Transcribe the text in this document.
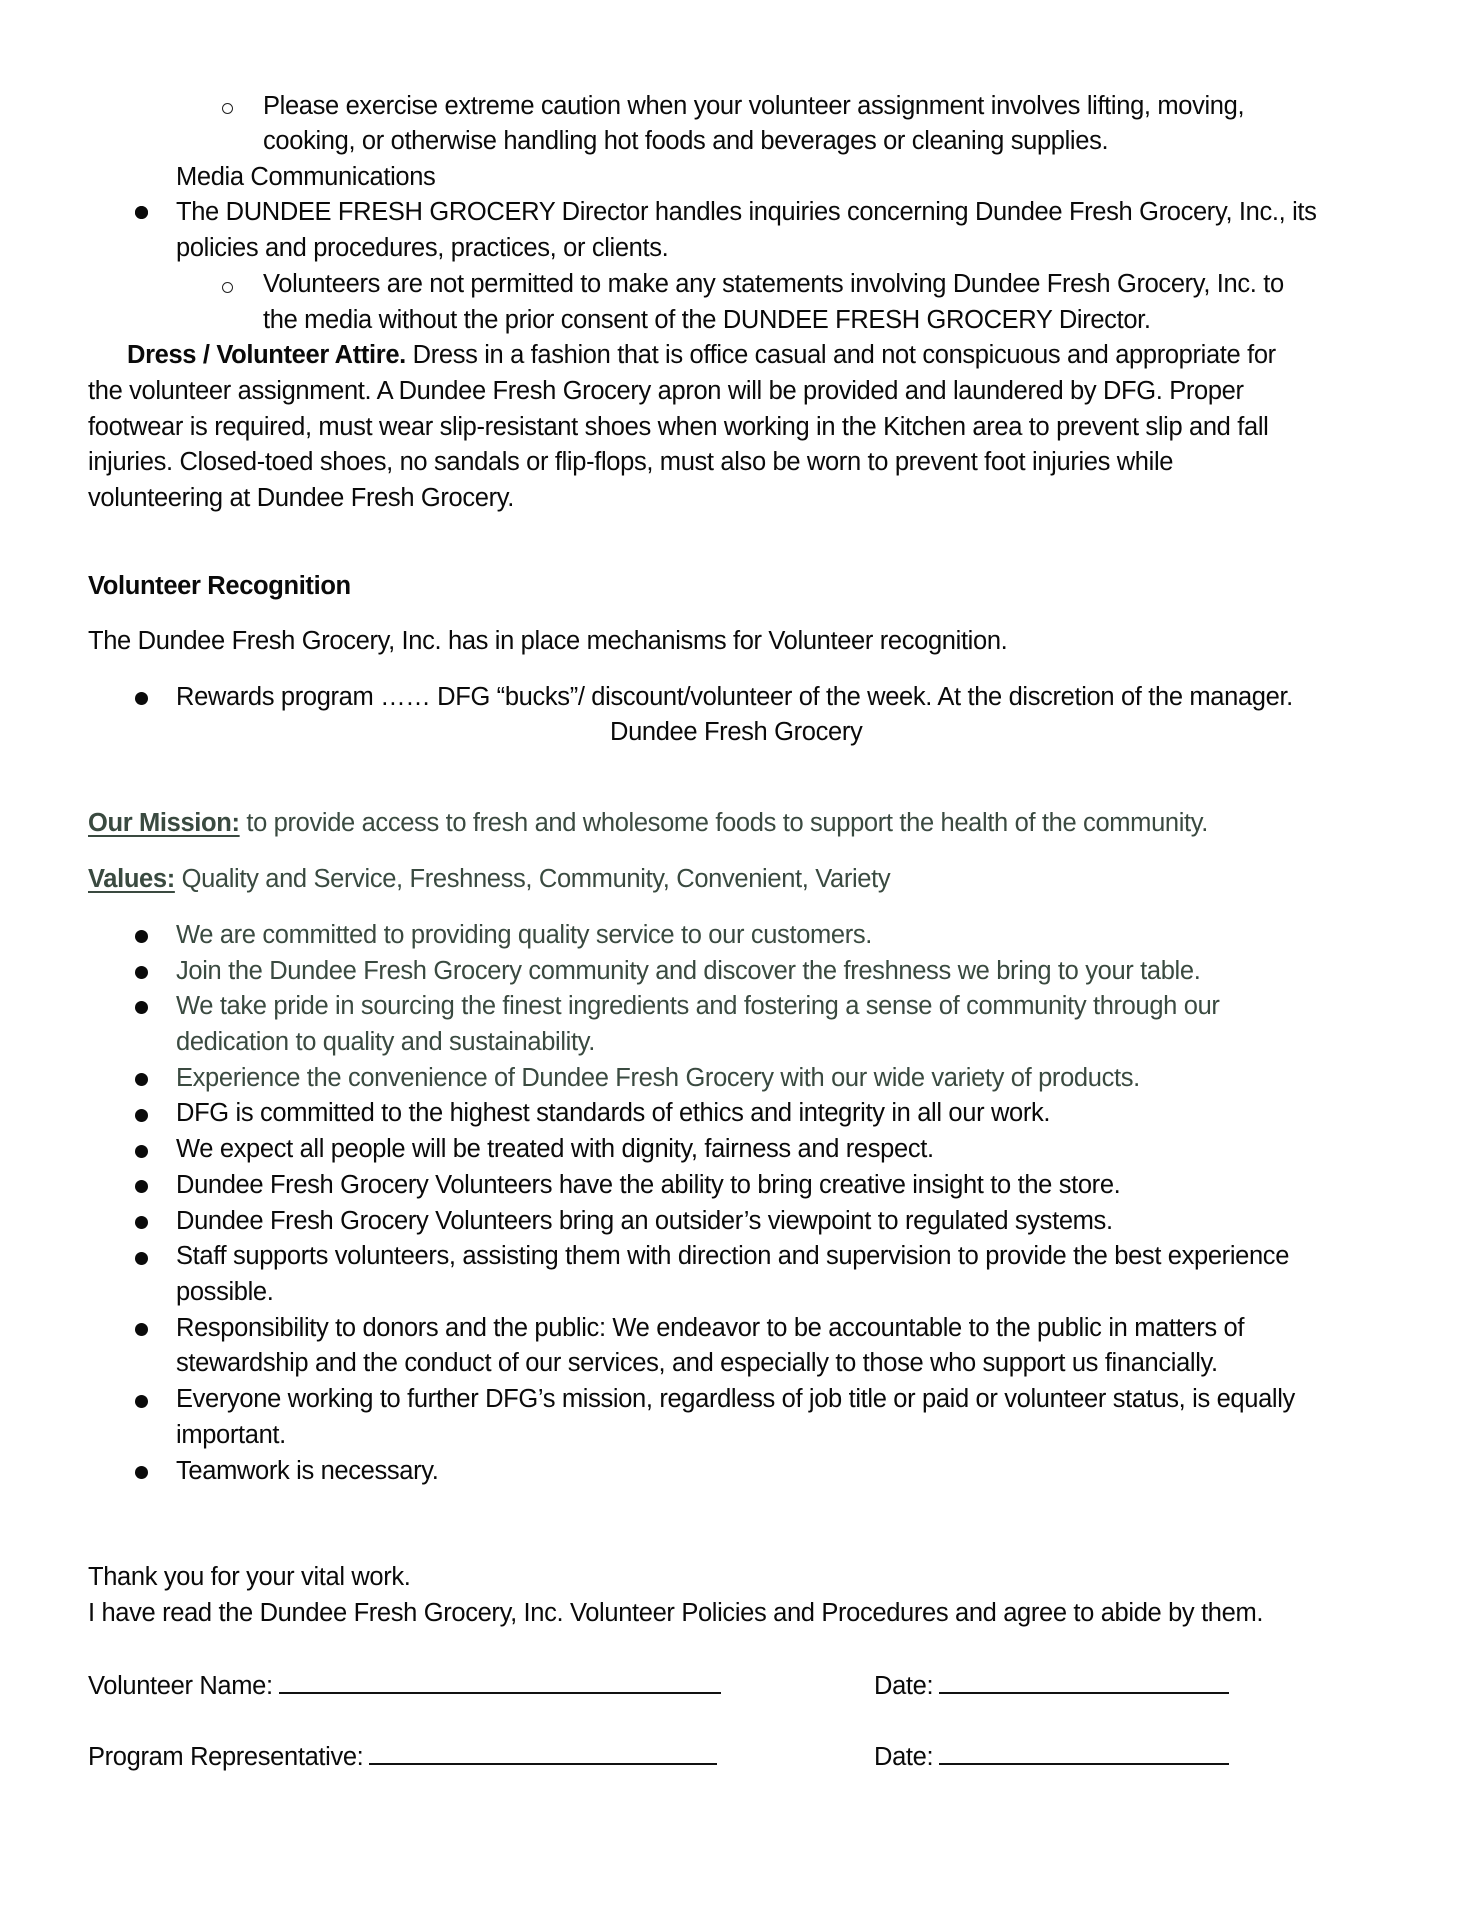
Please exercise extreme caution when your volunteer assignment involves lifting, moving,
cooking, or otherwise handling hot foods and beverages or cleaning supplies.
Media Communications
The DUNDEE FRESH GROCERY Director handles inquiries concerning Dundee Fresh Grocery, Inc., its
policies and procedures, practices, or clients.
Volunteers are not permitted to make any statements involving Dundee Fresh Grocery, Inc. to
the media without the prior consent of the DUNDEE FRESH GROCERY Director.
Dress / Volunteer Attire. Dress in a fashion that is office casual and not conspicuous and appropriate for
the volunteer assignment. A Dundee Fresh Grocery apron will be provided and laundered by DFG. Proper
footwear is required, must wear slip-resistant shoes when working in the Kitchen area to prevent slip and fall
injuries. Closed-toed shoes, no sandals or flip-flops, must also be worn to prevent foot injuries while
volunteering at Dundee Fresh Grocery.
Volunteer Recognition
The Dundee Fresh Grocery, Inc. has in place mechanisms for Volunteer recognition.
Rewards program …… DFG “bucks”/ discount/volunteer of the week. At the discretion of the manager.
Dundee Fresh Grocery
Our Mission: to provide access to fresh and wholesome foods to support the health of the community.
Values: Quality and Service, Freshness, Community, Convenient, Variety
We are committed to providing quality service to our customers.
Join the Dundee Fresh Grocery community and discover the freshness we bring to your table.
We take pride in sourcing the finest ingredients and fostering a sense of community through our
dedication to quality and sustainability.
Experience the convenience of Dundee Fresh Grocery with our wide variety of products.
DFG is committed to the highest standards of ethics and integrity in all our work.
We expect all people will be treated with dignity, fairness and respect.
Dundee Fresh Grocery Volunteers have the ability to bring creative insight to the store.
Dundee Fresh Grocery Volunteers bring an outsider’s viewpoint to regulated systems.
Staff supports volunteers, assisting them with direction and supervision to provide the best experience
possible.
Responsibility to donors and the public: We endeavor to be accountable to the public in matters of
stewardship and the conduct of our services, and especially to those who support us financially.
Everyone working to further DFG’s mission, regardless of job title or paid or volunteer status, is equally
important.
Teamwork is necessary.
Thank you for your vital work.
I have read the Dundee Fresh Grocery, Inc. Volunteer Policies and Procedures and agree to abide by them.
Volunteer Name:	Date:
Program Representative:	Date:
